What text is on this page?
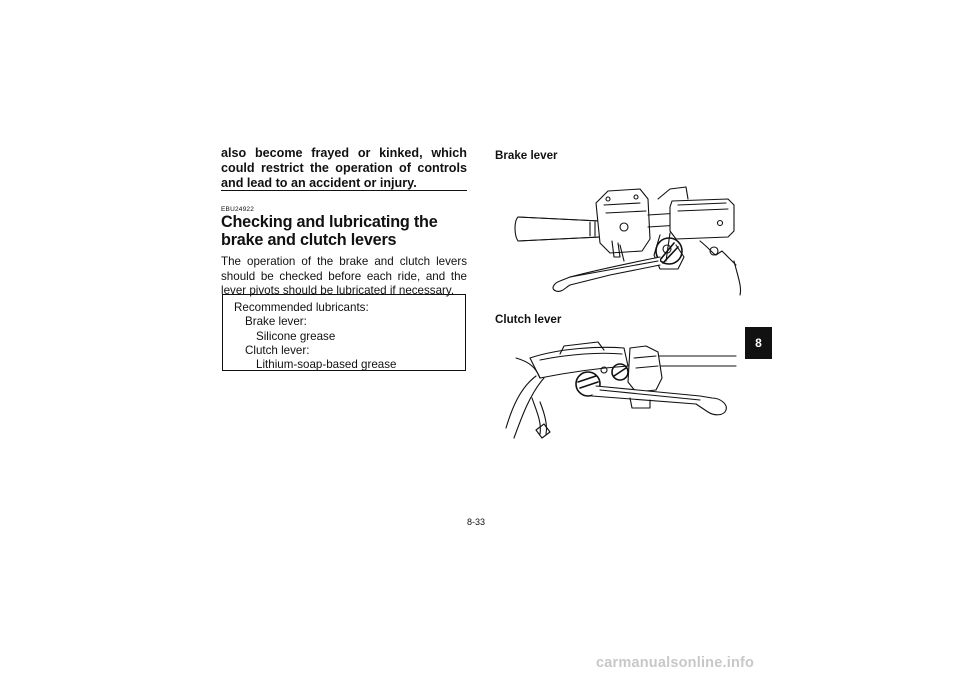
also become frayed or kinked, which could restrict the operation of controls and lead to an accident or injury.
EBU24922
Checking and lubricating the brake and clutch levers
The operation of the brake and clutch levers should be checked before each ride, and the lever pivots should be lubricated if necessary.
Recommended lubricants:
Brake lever:
Silicone grease
Clutch lever:
Lithium-soap-based grease
Brake lever
Clutch lever
8-33
8
carmanualsonline.info
